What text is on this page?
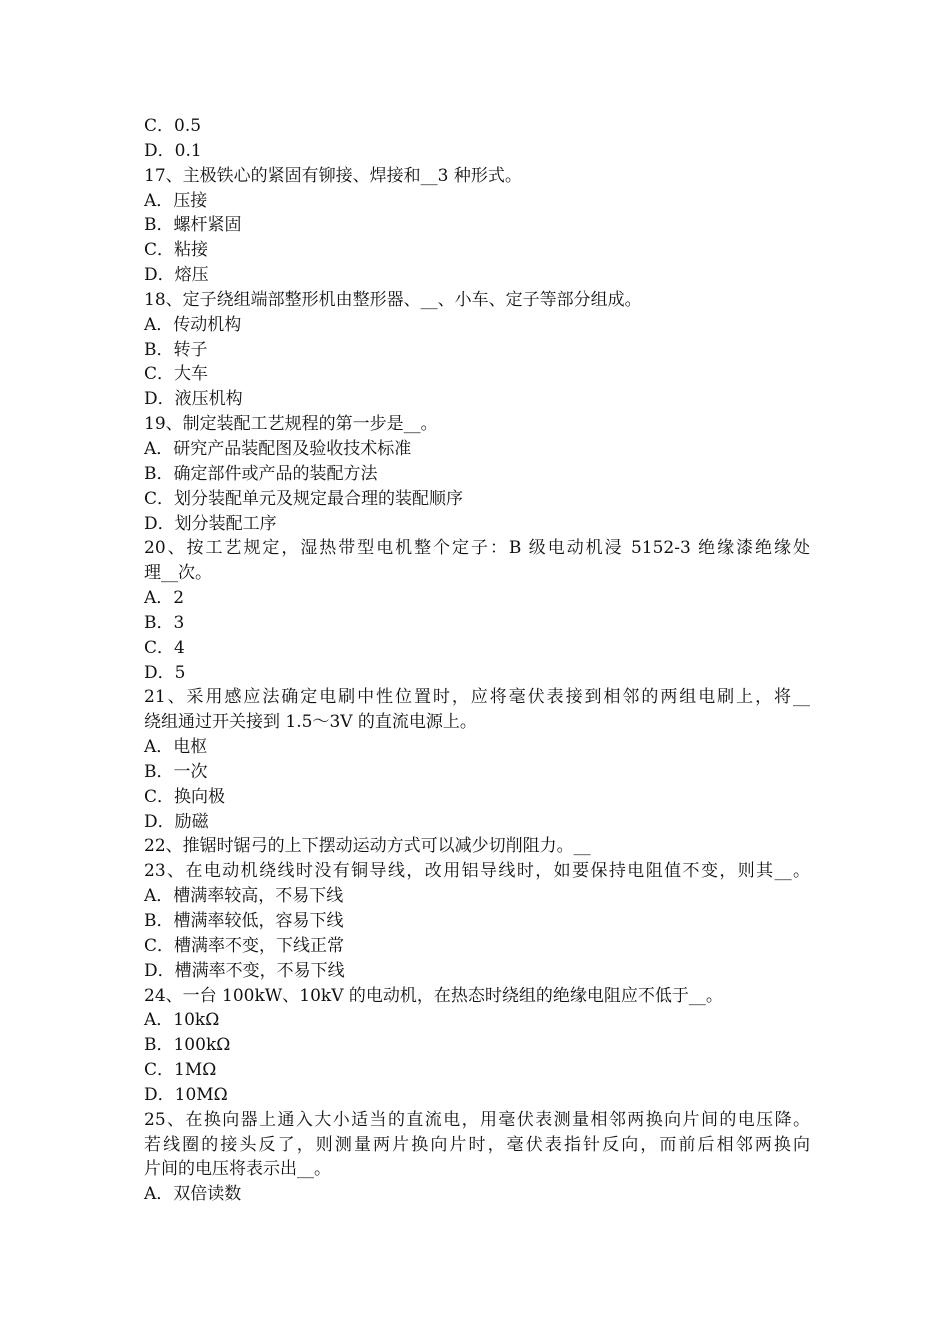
C．0.5
D．0.1
17、主极铁心的紧固有铆接、焊接和__3 种形式。
A．压接
B．螺杆紧固
C．粘接
D．熔压
18、定子绕组端部整形机由整形器、__、小车、定子等部分组成。
A．传动机构
B．转子
C．大车
D．液压机构
19、制定装配工艺规程的第一步是__。
A．研究产品装配图及验收技术标准
B．确定部件或产品的装配方法
C．划分装配单元及规定最合理的装配顺序
D．划分装配工序
20、按工艺规定，湿热带型电机整个定子：B 级电动机浸 5152-3 绝缘漆绝缘处
理__次。
A．2
B．3
C．4
D．5
21、采用感应法确定电刷中性位置时，应将毫伏表接到相邻的两组电刷上，将__
绕组通过开关接到 1.5～3V 的直流电源上。
A．电枢
B．一次
C．换向极
D．励磁
22、推锯时锯弓的上下摆动运动方式可以减少切削阻力。__
23、在电动机绕线时没有铜导线，改用铝导线时，如要保持电阻值不变，则其__。
A．槽满率较高，不易下线
B．槽满率较低，容易下线
C．槽满率不变，下线正常
D．槽满率不变，不易下线
24、一台 100kW、10kV 的电动机，在热态时绕组的绝缘电阻应不低于__。
A．10kΩ
B．100kΩ
C．1MΩ
D．10MΩ
25、在换向器上通入大小适当的直流电，用毫伏表测量相邻两换向片间的电压降。
若线圈的接头反了，则测量两片换向片时，毫伏表指针反向，而前后相邻两换向
片间的电压将表示出__。
A．双倍读数
